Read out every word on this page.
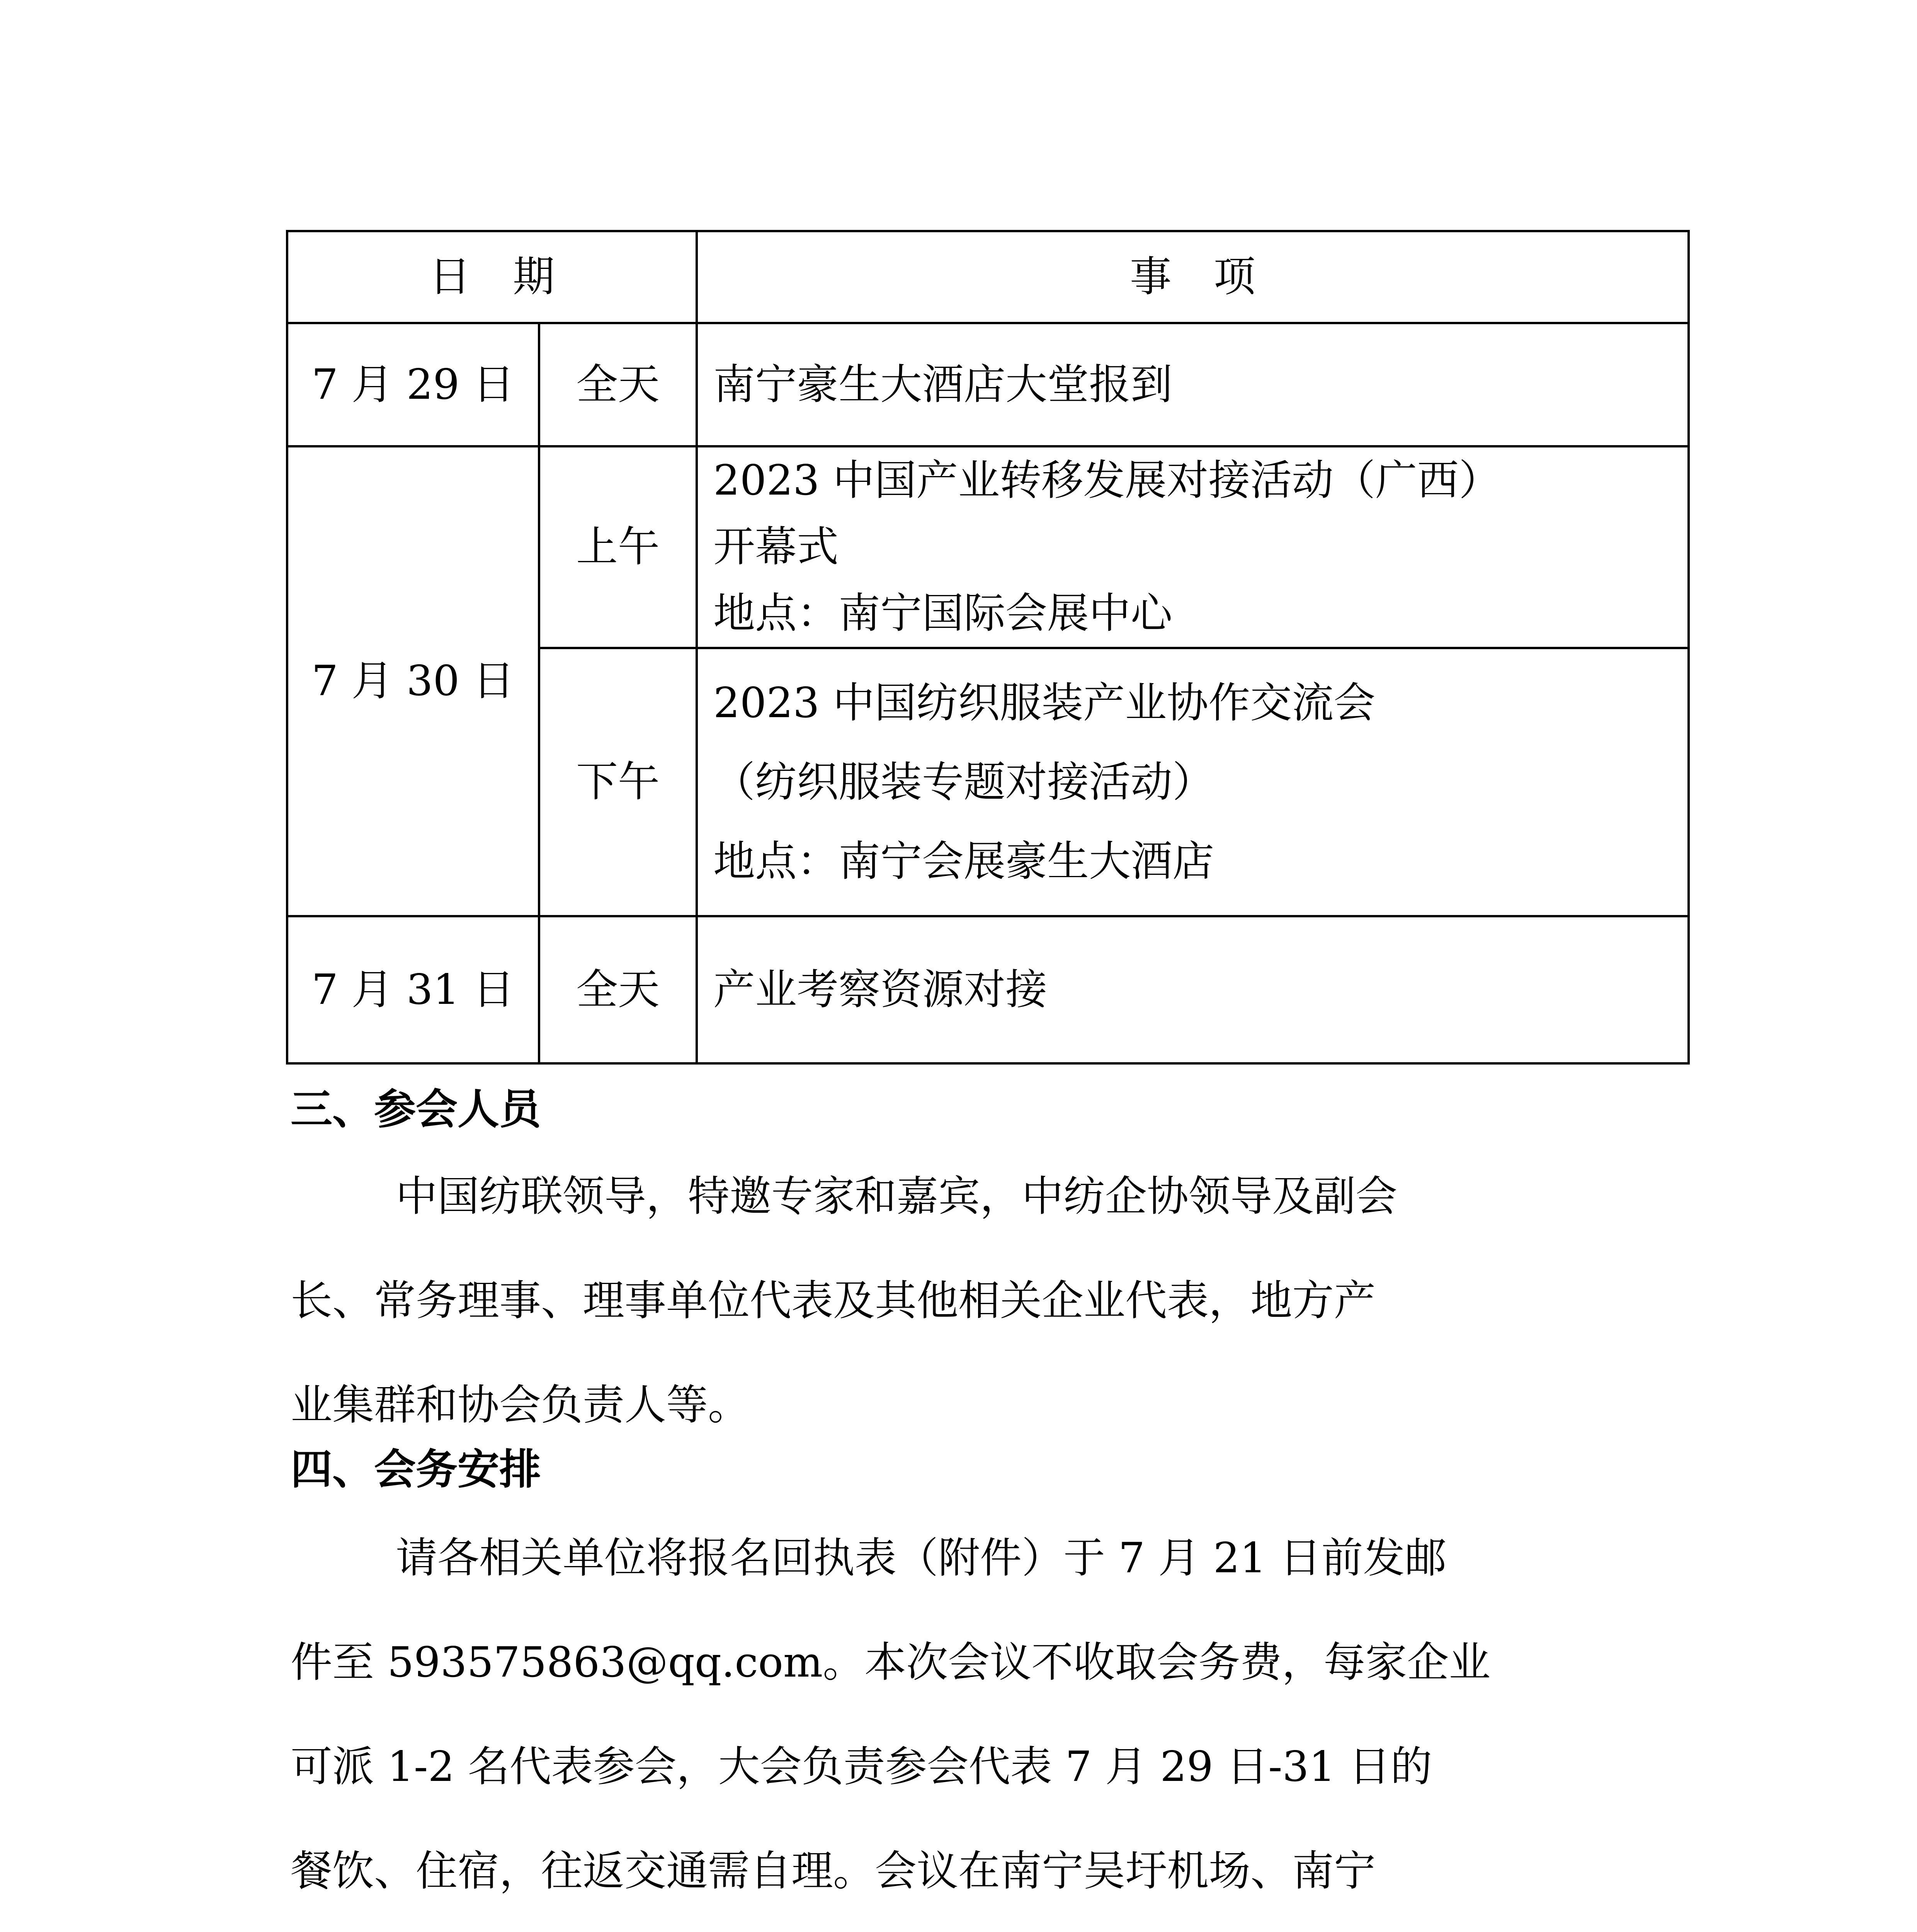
日　期		事　项
7 月 29 日	全天	南宁豪生大酒店大堂报到

7 月 30 日	上午	2023 中国产业转移发展对接活动（广西）
开幕式
地点：南宁国际会展中心

	下午	2023 中国纺织服装产业协作交流会
（纺织服装专题对接活动）
地点：南宁会展豪生大酒店

7 月 31 日	全天	产业考察资源对接
三、参会人员
中国纺联领导，特邀专家和嘉宾，中纺企协领导及副会
长、常务理事、理事单位代表及其他相关企业代表，地方产
业集群和协会负责人等。
四、会务安排
请各相关单位将报名回执表（附件）于 7 月 21 日前发邮
件至 593575863@qq.com。本次会议不收取会务费，每家企业
可派 1-2 名代表参会，大会负责参会代表 7 月 29 日-31 日的
餐饮、住宿，往返交通需自理。会议在南宁吴圩机场、南宁
